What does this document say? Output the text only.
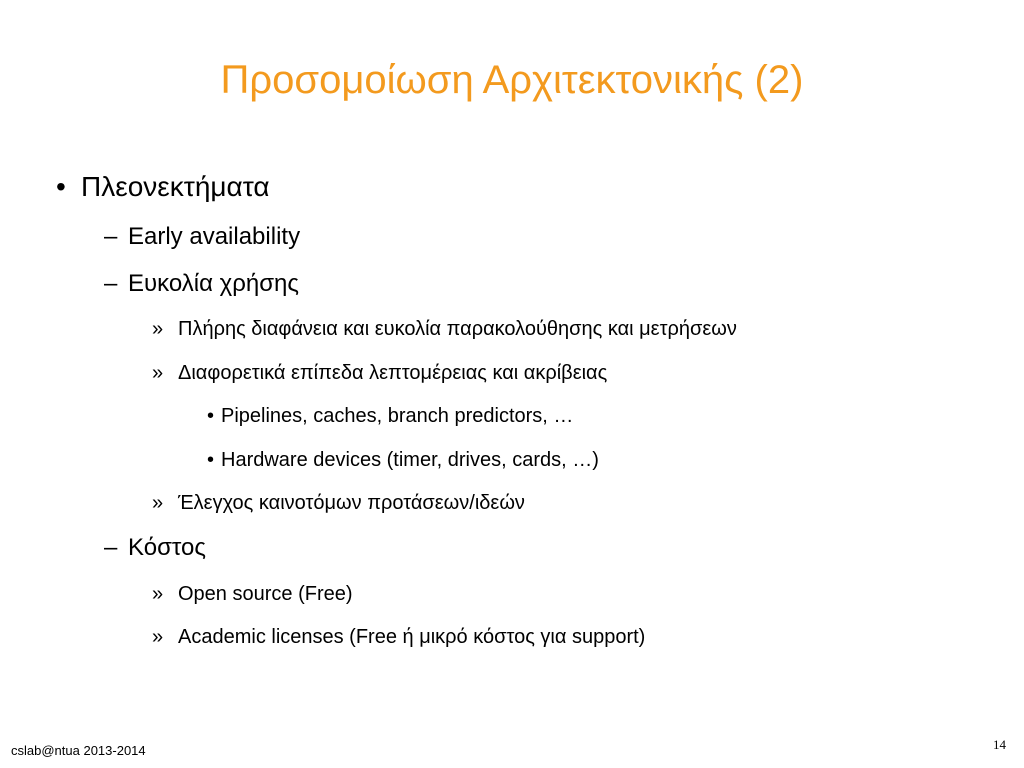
Προσομοίωση Αρχιτεκτονικής (2)
• Πλεονεκτήματα
– Early availability
– Ευκολία χρήσης
» Πλήρης διαφάνεια και ευκολία παρακολούθησης και μετρήσεων
» Διαφορετικά επίπεδα λεπτομέρειας και ακρίβειας
• Pipelines, caches, branch predictors, …
• Hardware devices (timer, drives, cards, …)
» Έλεγχος καινοτόμων προτάσεων/ιδεών
– Κόστος
» Open source (Free)
» Academic licenses (Free ή μικρό κόστος για support)
cslab@ntua 2013-2014	14
